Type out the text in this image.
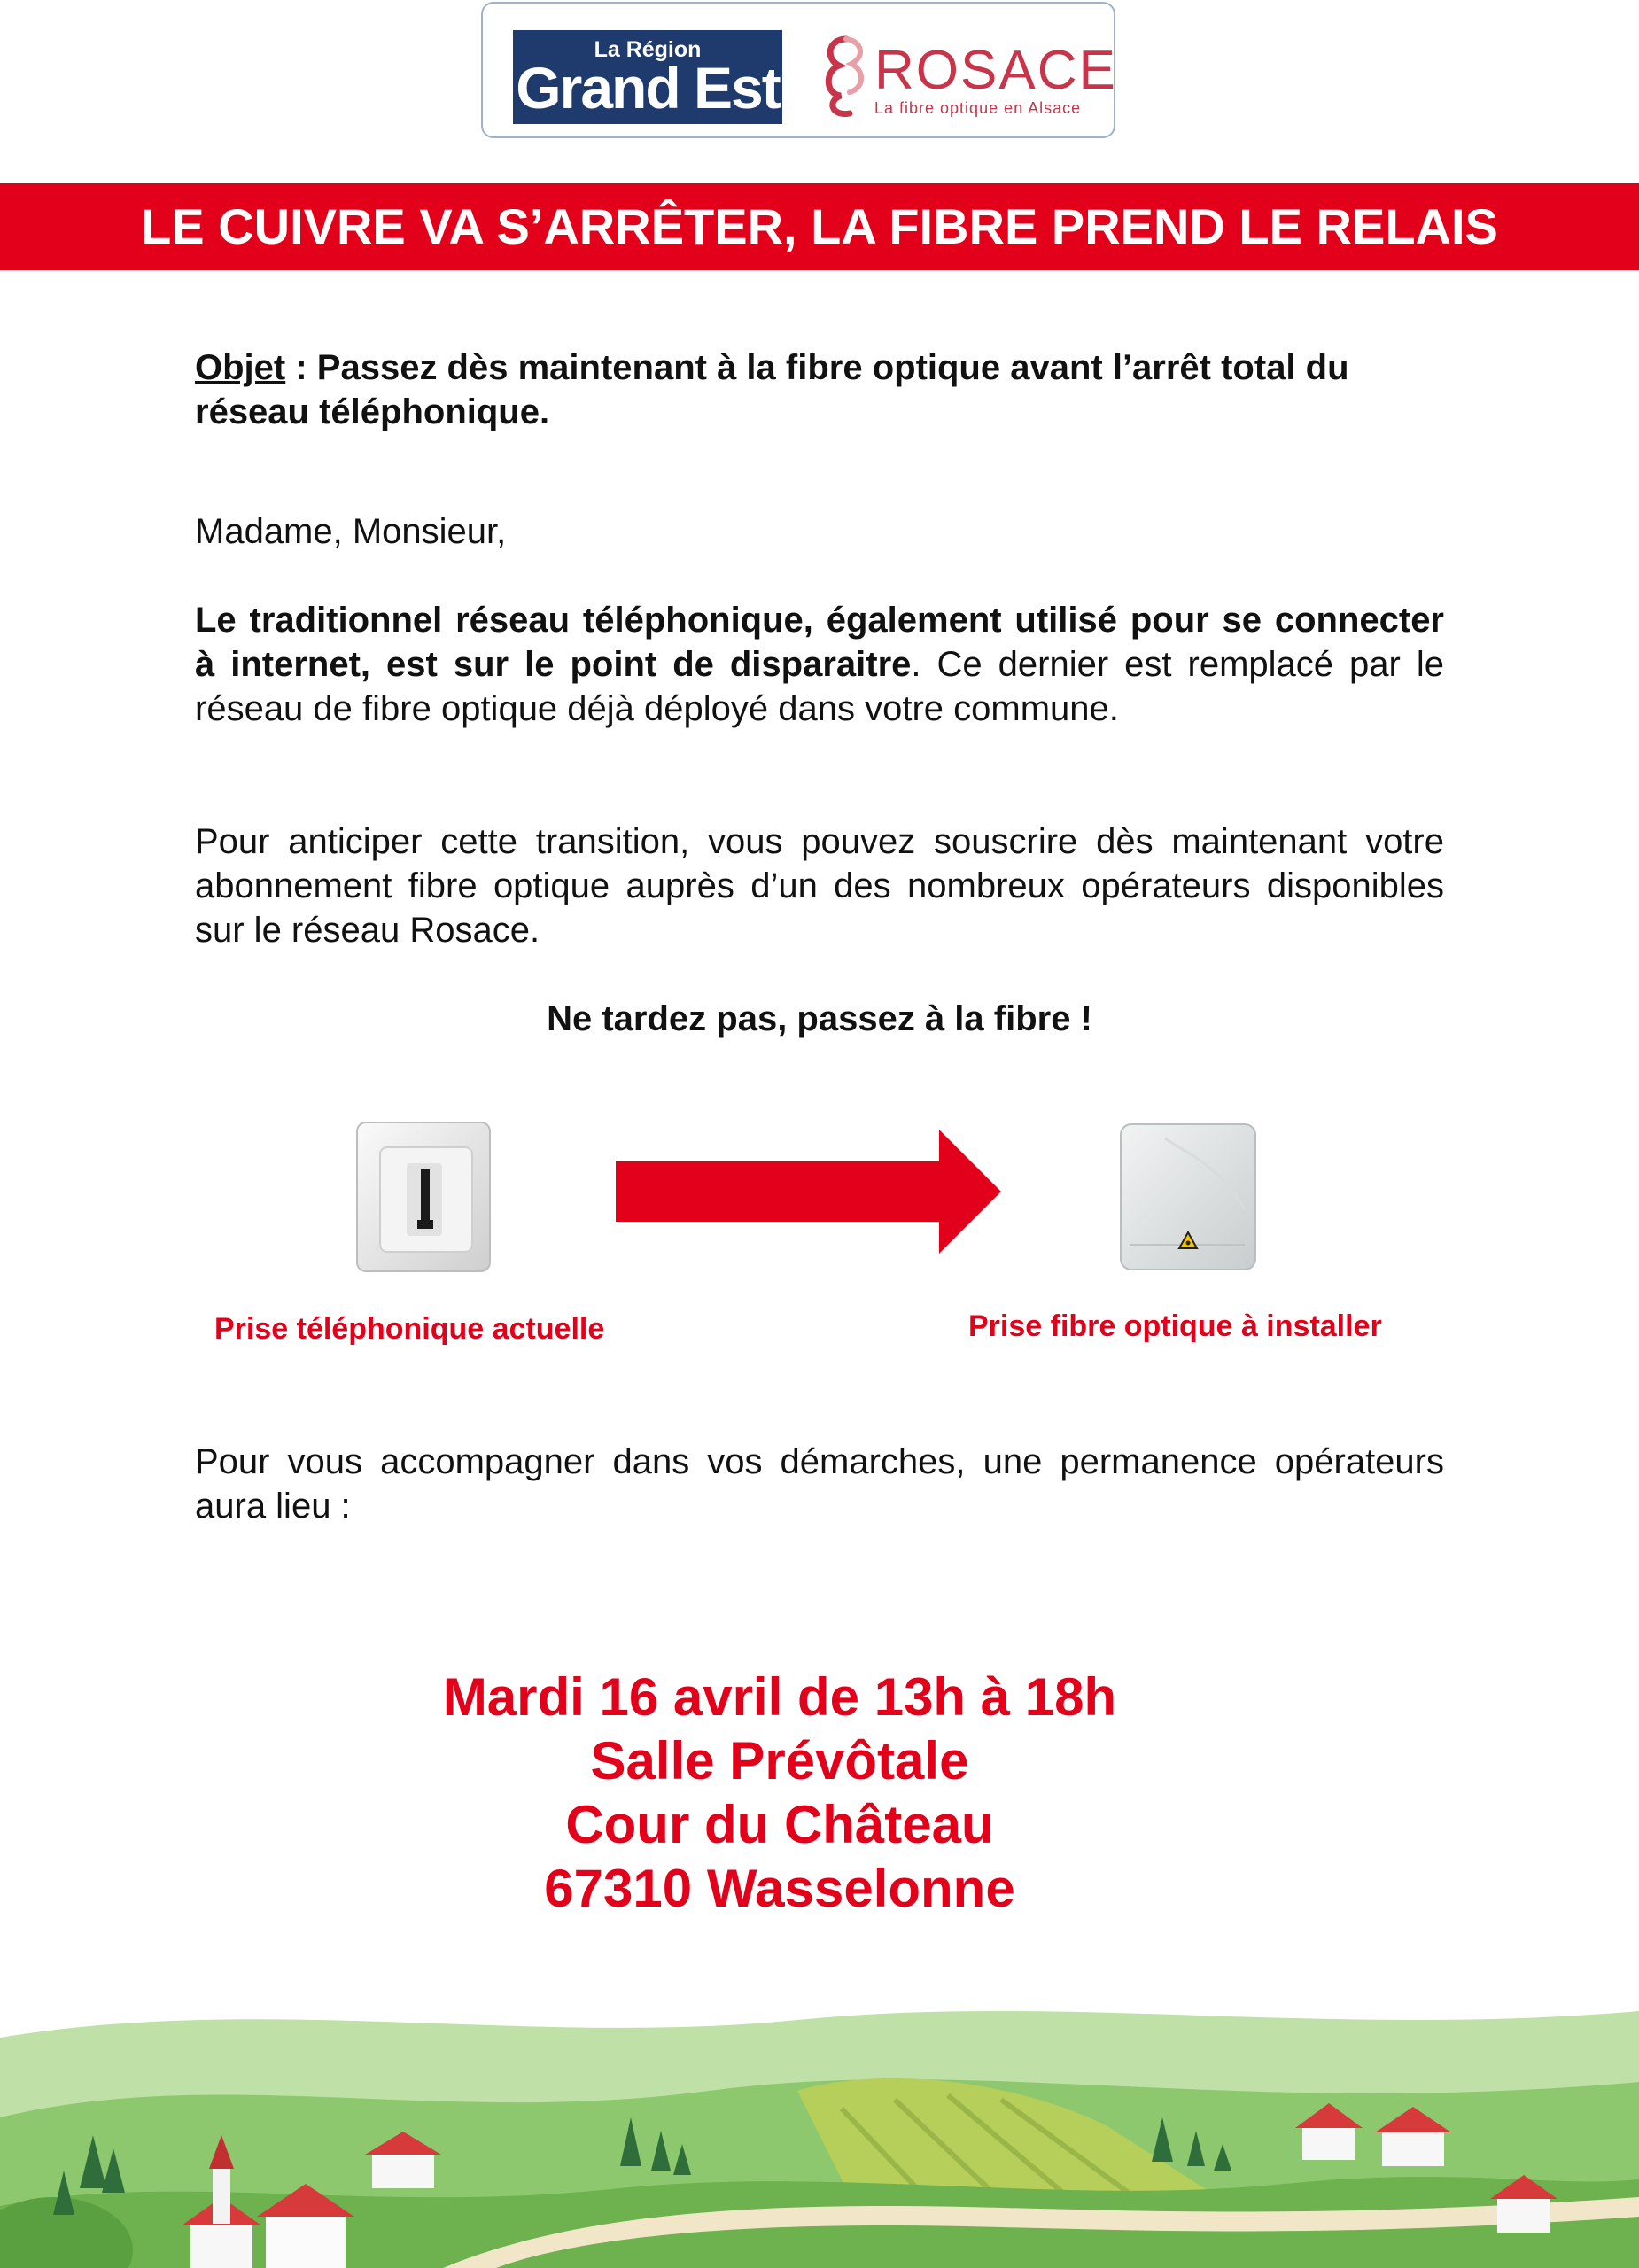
La Région
Grand Est ROSACE
La fibre optique en Alsace
LE CUIVRE VA S’ARRÊTER, LA FIBRE PREND LE RELAIS
Objet : Passez dès maintenant à la fibre optique avant l’arrêt total du réseau téléphonique.
Madame, Monsieur,
Le traditionnel réseau téléphonique, également utilisé pour se connecter à internet, est sur le point de disparaitre. Ce dernier est remplacé par le réseau de fibre optique déjà déployé dans votre commune.
Pour anticiper cette transition, vous pouvez souscrire dès maintenant votre abonnement fibre optique auprès d’un des nombreux opérateurs disponibles sur le réseau Rosace.
Ne tardez pas, passez à la fibre !
Prise téléphonique actuelle	Prise fibre optique à installer
Pour vous accompagner dans vos démarches, une permanence opérateurs aura lieu :
Mardi 16 avril de 13h à 18h
Salle Prévôtale
Cour du Château
67310 Wasselonne
